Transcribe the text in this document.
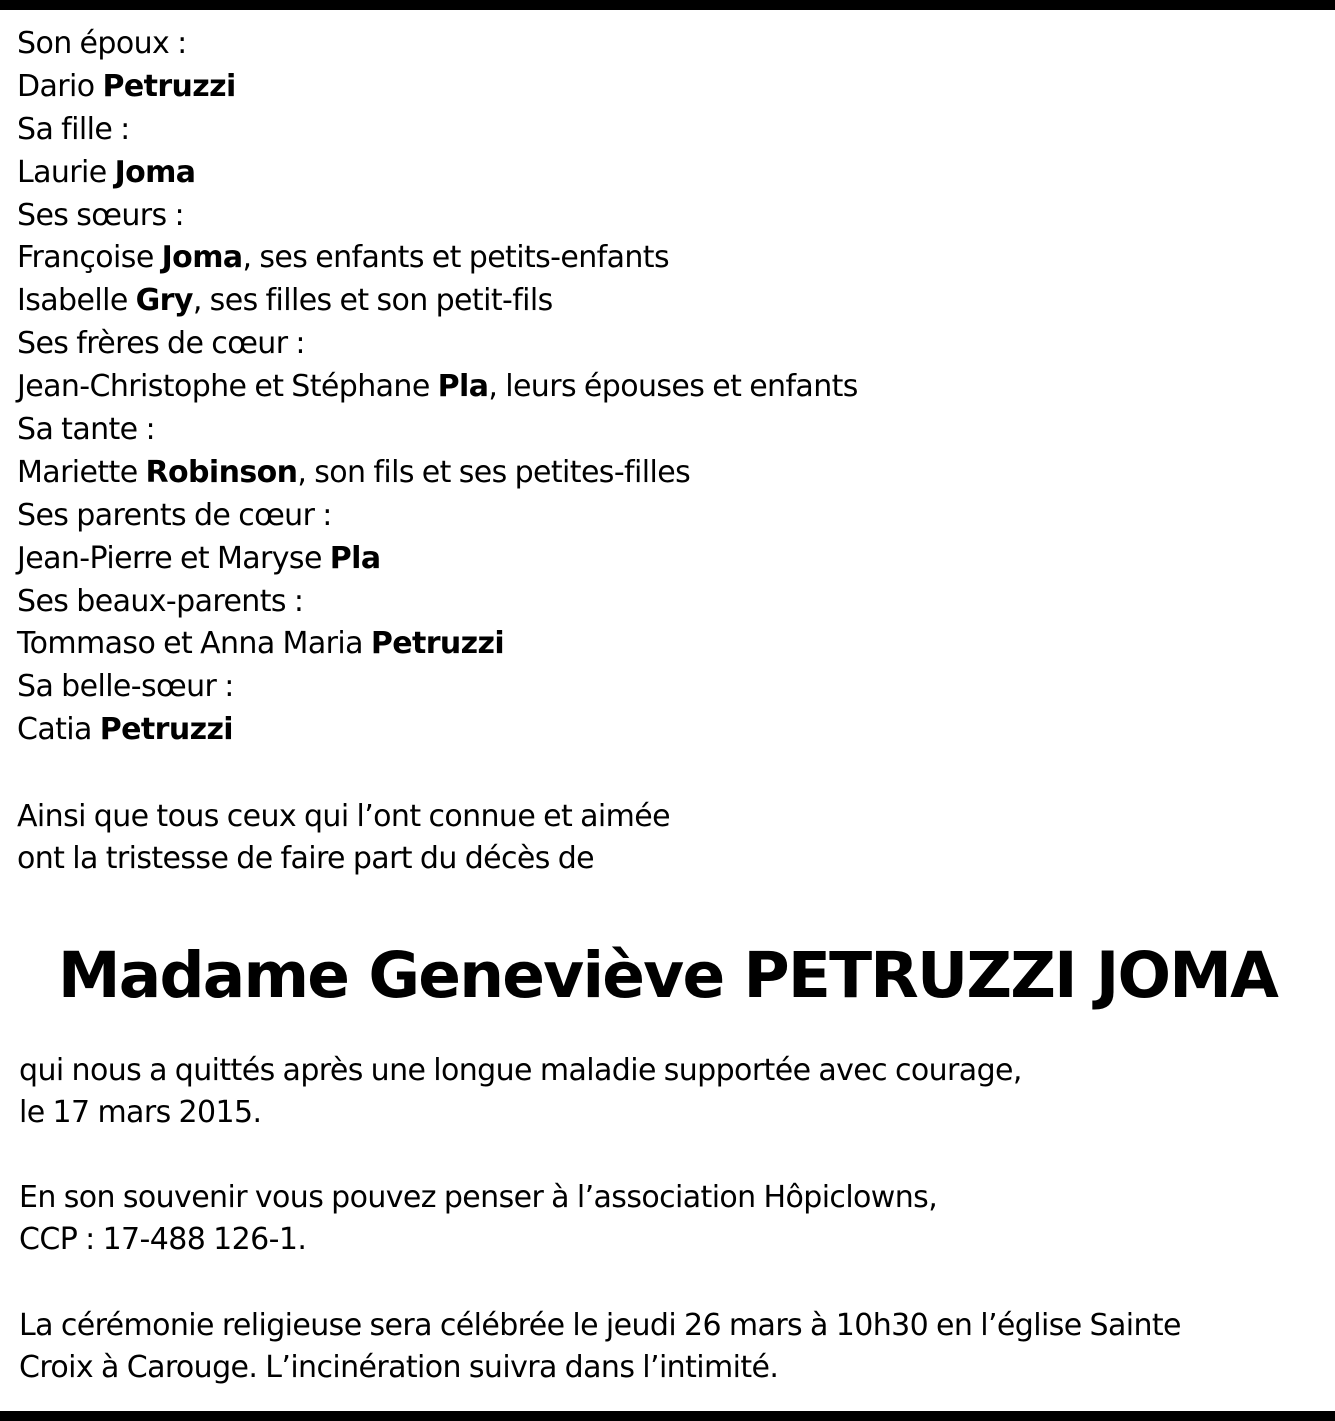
Son époux :
Dario Petruzzi
Sa fille :
Laurie Joma
Ses sœurs :
Françoise Joma, ses enfants et petits-enfants
Isabelle Gry, ses filles et son petit-fils
Ses frères de cœur :
Jean-Christophe et Stéphane Pla, leurs épouses et enfants
Sa tante :
Mariette Robinson, son fils et ses petites-filles
Ses parents de cœur :
Jean-Pierre et Maryse Pla
Ses beaux-parents :
Tommaso et Anna Maria Petruzzi
Sa belle-sœur :
Catia Petruzzi
Ainsi que tous ceux qui l’ont connue et aimée
ont la tristesse de faire part du décès de
Madame Geneviève PETRUZZI JOMA
qui nous a quittés après une longue maladie supportée avec courage,
le 17 mars 2015.
En son souvenir vous pouvez penser à l’association Hôpiclowns,
CCP : 17-488 126-1.
La cérémonie religieuse sera célébrée le jeudi 26 mars à 10h30 en l’église Sainte
Croix à Carouge. L’incinération suivra dans l’intimité.
